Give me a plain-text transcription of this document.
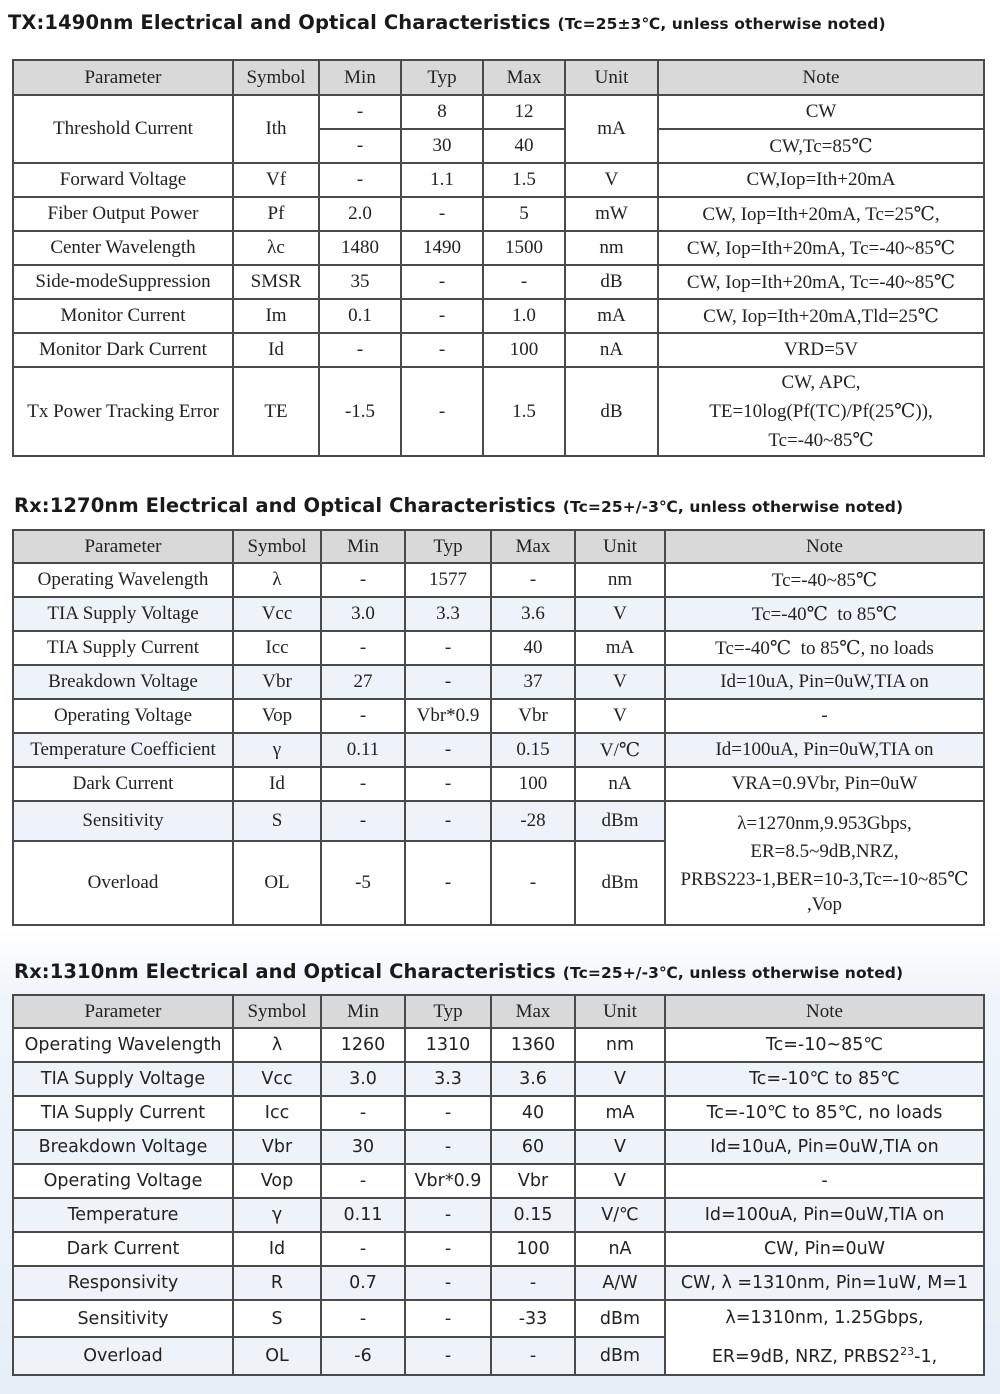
TX:1490nm Electrical and Optical Characteristics (Tc=25±3℃, unless otherwise noted)
Parameter	Symbol	Min	Typ	Max	Unit	Note
Threshold Current	Ith	-	8	12	mA	CW
		-	30	40		CW,Tc=85℃
Forward Voltage	Vf	-	1.1	1.5	V	CW,Iop=Ith+20mA
Fiber Output Power	Pf	2.0	-	5	mW	CW, Iop=Ith+20mA, Tc=25℃,
Center Wavelength	λc	1480	1490	1500	nm	CW, Iop=Ith+20mA, Tc=-40~85℃
Side-modeSuppression	SMSR	35	-	-	dB	CW, Iop=Ith+20mA, Tc=-40~85℃
Monitor Current	Im	0.1	-	1.0	mA	CW, Iop=Ith+20mA,Tld=25℃
Monitor Dark Current	Id	-	-	100	nA	VRD=5V
Tx Power Tracking Error	TE	-1.5	-	1.5	dB	CW, APC,
TE=10log(Pf(TC)/Pf(25℃)),
Tc=-40~85℃
Rx:1270nm Electrical and Optical Characteristics (Tc=25+/-3℃, unless otherwise noted)
Parameter	Symbol	Min	Typ	Max	Unit	Note
Operating Wavelength	λ	-	1577	-	nm	Tc=-40~85℃
TIA Supply Voltage	Vcc	3.0	3.3	3.6	V	Tc=-40℃  to 85℃
TIA Supply Current	Icc	-	-	40	mA	Tc=-40℃  to 85℃, no loads
Breakdown Voltage	Vbr	27	-	37	V	Id=10uA, Pin=0uW,TIA on
Operating Voltage	Vop	-	Vbr*0.9	Vbr	V	-
Temperature Coefficient	γ	0.11	-	0.15	V/℃	Id=100uA, Pin=0uW,TIA on
Dark Current	Id	-	-	100	nA	VRA=0.9Vbr, Pin=0uW
Sensitivity	S	-	-	-28	dBm	λ=1270nm,9.953Gbps,
ER=8.5~9dB,NRZ,
PRBS223-1,BER=10-3,Tc=-10~85℃
,Vop

Overload	OL	-5	-	-	dBm	
Rx:1310nm Electrical and Optical Characteristics (Tc=25+/-3℃, unless otherwise noted)
Parameter	Symbol	Min	Typ	Max	Unit	Note
Operating Wavelength	λ	1260	1310	1360	nm	Tc=-10~85℃
TIA Supply Voltage	Vcc	3.0	3.3	3.6	V	Tc=-10℃ to 85℃
TIA Supply Current	Icc	-	-	40	mA	Tc=-10℃ to 85℃, no loads
Breakdown Voltage	Vbr	30	-	60	V	Id=10uA, Pin=0uW,TIA on
Operating Voltage	Vop	-	Vbr*0.9	Vbr	V	-
Temperature	γ	0.11	-	0.15	V/℃	Id=100uA, Pin=0uW,TIA on
Dark Current	Id	-	-	100	nA	CW, Pin=0uW
Responsivity	R	0.7	-	-	A/W	CW, λ =1310nm, Pin=1uW, M=1
Sensitivity	S	-	-	-33	dBm	λ=1310nm, 1.25Gbps,
ER=9dB, NRZ, $PRBS2^{23}-1$,

Overload	OL	-6	-	-	dBm	
